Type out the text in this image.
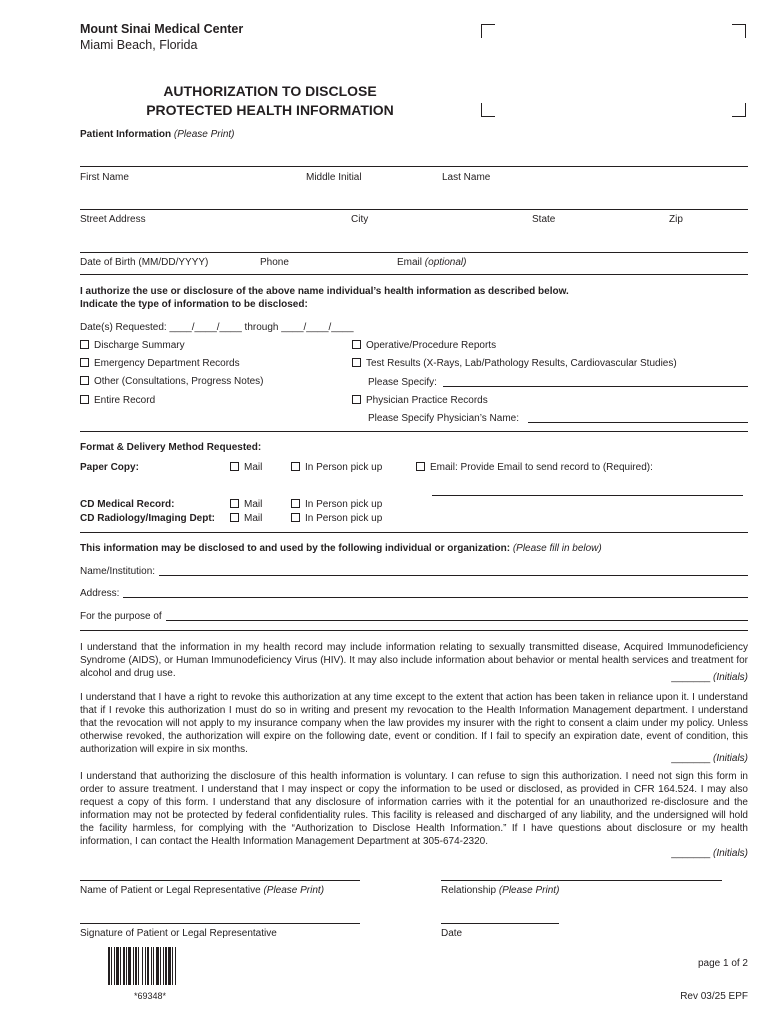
Mount Sinai Medical Center
Miami Beach, Florida
AUTHORIZATION TO DISCLOSE
PROTECTED HEALTH INFORMATION
Patient Information (Please Print)
First Name	Middle Initial	Last Name
Street Address	City	State	Zip
Date of Birth (MM/DD/YYYY)	Phone	Email (optional)
I authorize the use or disclosure of the above name individual’s health information as described below.
Indicate the type of information to be disclosed:
Date(s) Requested: ____/____/____ through ____/____/____
Discharge Summary
Emergency Department Records
Other (Consultations, Progress Notes)
Entire Record
Operative/Procedure Reports
Test Results (X-Rays, Lab/Pathology Results, Cardiovascular Studies)
Please Specify:
Physician Practice Records
Please Specify Physician’s Name:
Format & Delivery Method Requested:
Paper Copy:	Mail	In Person pick up	Email: Provide Email to send record to (Required):
CD Medical Record:	Mail	In Person pick up
CD Radiology/Imaging Dept:	Mail	In Person pick up
This information may be disclosed to and used by the following individual or organization: (Please fill in below)
Name/Institution:
Address:
For the purpose of
I understand that the information in my health record may include information relating to sexually transmitted disease, Acquired Immunodeficiency Syndrome (AIDS), or Human Immunodeficiency Virus (HIV). It may also include information about behavior or mental health services and treatment for alcohol and drug use.	_______ (Initials)
I understand that I have a right to revoke this authorization at any time except to the extent that action has been taken in reliance upon it. I understand that if I revoke this authorization I must do so in writing and present my revocation to the Health Information Management department. I understand that the revocation will not apply to my insurance company when the law provides my insurer with the right to consent a claim under my policy. Unless otherwise revoked, the authorization will expire on the following date, event or condition. If I fail to specify an expiration date, event of condition, this authorization will expire in six months.
_______ (Initials)
I understand that authorizing the disclosure of this health information is voluntary. I can refuse to sign this authorization. I need not sign this form in order to assure treatment. I understand that I may inspect or copy the information to be used or disclosed, as provided in CFR 164.524. I may also request a copy of this form. I understand that any disclosure of information carries with it the potential for an unauthorized re-disclosure and the information may not be protected by federal confidentiality rules. This facility is released and discharged of any liability, and the undersigned will hold the facility harmless, for complying with the “Authorization to Disclose Health Information.” If I have questions about disclosure or my health information, I can contact the Health Information Management Department at 305-674-2320.
_______ (Initials)
Name of Patient or Legal Representative (Please Print)	Relationship (Please Print)
Signature of Patient or Legal Representative	Date
*69348*
page 1 of 2
Rev 03/25 EPF
